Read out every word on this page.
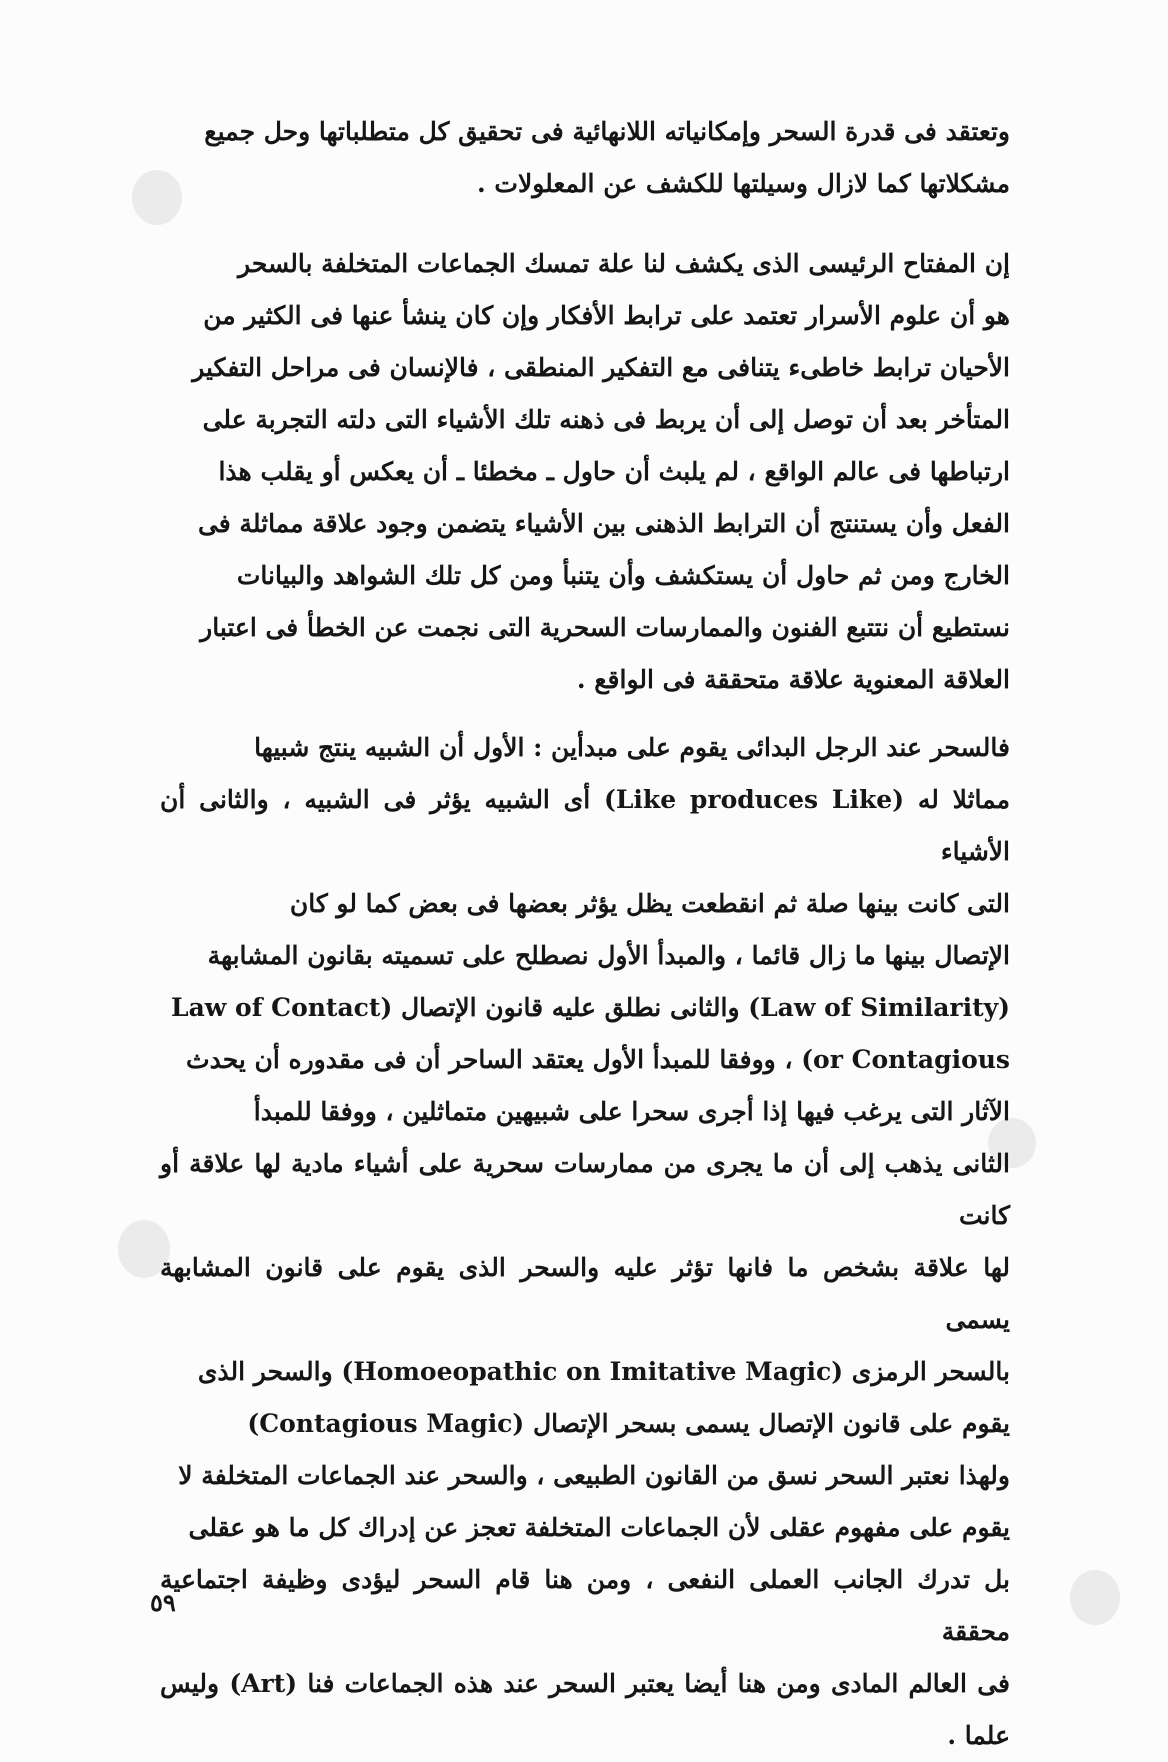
وتعتقد فى قدرة السحر وإمكانياته اللانهائية فى تحقيق كل متطلباتها وحل جميع

مشكلاتها كما لازال وسيلتها للكشف عن المعلولات .

إن المفتاح الرئيسى الذى يكشف لنا علة تمسك الجماعات المتخلفة بالسحر

هو أن علوم الأسرار تعتمد على ترابط الأفكار وإن كان ينشأ عنها فى الكثير من

الأحيان ترابط خاطىء يتنافى مع التفكير المنطقى ، فالإنسان فى مراحل التفكير

المتأخر بعد أن توصل إلى أن يربط فى ذهنه تلك الأشياء التى دلته التجربة على

ارتباطها فى عالم الواقع ، لم يلبث أن حاول ـ مخطئا ـ أن يعكس أو يقلب هذا

الفعل وأن يستنتج أن الترابط الذهنى بين الأشياء يتضمن وجود علاقة مماثلة فى

الخارج ومن ثم حاول أن يستكشف وأن يتنبأ ومن كل تلك الشواهد والبيانات

نستطيع أن نتتبع الفنون والممارسات السحرية التى نجمت عن الخطأ فى اعتبار

العلاقة المعنوية علاقة متحققة فى الواقع .

فالسحر عند الرجل البدائى يقوم على مبدأين : الأول أن الشبيه ينتج شبيها

مماثلا له (Like produces Like) أى الشبيه يؤثر فى الشبيه ، والثانى أن الأشياء

التى كانت بينها صلة ثم انقطعت يظل يؤثر بعضها فى بعض كما لو كان

الإتصال بينها ما زال قائما ، والمبدأ الأول نصطلح على تسميته بقانون المشابهة

(Law of Similarity) والثانى نطلق عليه قانون الإتصال (Law of Contact

or Contagious) ، ووفقا للمبدأ الأول يعتقد الساحر أن فى مقدوره أن يحدث

الآثار التى يرغب فيها إذا أجرى سحرا على شبيهين متماثلين ، ووفقا للمبدأ

الثانى يذهب إلى أن ما يجرى من ممارسات سحرية على أشياء مادية لها علاقة أو كانت

لها علاقة بشخص ما فانها تؤثر عليه والسحر الذى يقوم على قانون المشابهة يسمى

بالسحر الرمزى (Homoeopathic on Imitative Magic) والسحر الذى

يقوم على قانون الإتصال يسمى بسحر الإتصال (Contagious Magic)

ولهذا نعتبر السحر نسق من القانون الطبيعى ، والسحر عند الجماعات المتخلفة لا

يقوم على مفهوم عقلى لأن الجماعات المتخلفة تعجز عن إدراك كل ما هو عقلى

بل تدرك الجانب العملى النفعى ، ومن هنا قام السحر ليؤدى وظيفة اجتماعية محققة

فى العالم المادى ومن هنا أيضا يعتبر السحر عند هذه الجماعات فنا (Art) وليس علما .

٥٩
